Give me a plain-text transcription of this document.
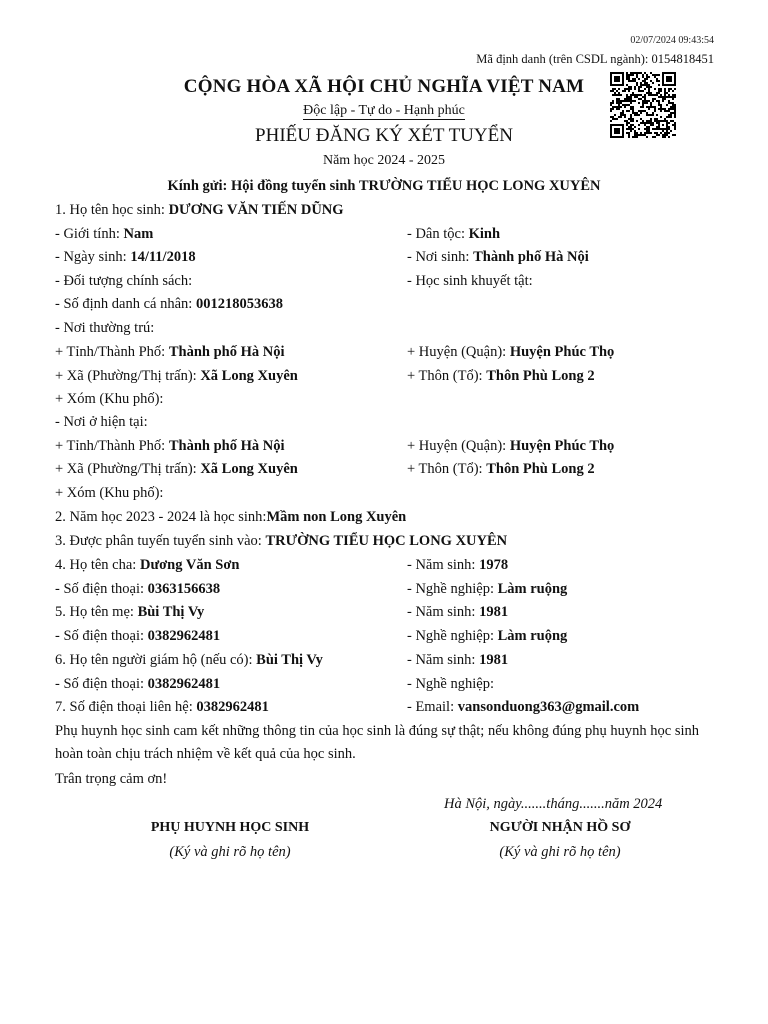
02/07/2024 09:43:54
Mã định danh (trên CSDL ngành): 0154818451
CỘNG HÒA XÃ HỘI CHỦ NGHĨA VIỆT NAM
Độc lập - Tự do - Hạnh phúc
PHIẾU ĐĂNG KÝ XÉT TUYỂN
Năm học 2024 - 2025
Kính gửi: Hội đồng tuyển sinh TRƯỜNG TIỂU HỌC LONG XUYÊN
1. Họ tên học sinh: DƯƠNG VĂN TIẾN DŨNG
- Giới tính: Nam	- Dân tộc: Kinh
- Ngày sinh: 14/11/2018	- Nơi sinh: Thành phố Hà Nội
- Đối tượng chính sách:	- Học sinh khuyết tật:
- Số định danh cá nhân: 001218053638
- Nơi thường trú:
+ Tỉnh/Thành Phố: Thành phố Hà Nội	+ Huyện (Quận): Huyện Phúc Thọ
+ Xã (Phường/Thị trấn): Xã Long Xuyên	+ Thôn (Tổ): Thôn Phù Long 2
+ Xóm (Khu phố):
- Nơi ở hiện tại:
+ Tỉnh/Thành Phố: Thành phố Hà Nội	+ Huyện (Quận): Huyện Phúc Thọ
+ Xã (Phường/Thị trấn): Xã Long Xuyên	+ Thôn (Tổ): Thôn Phù Long 2
+ Xóm (Khu phố):
2. Năm học 2023 - 2024 là học sinh:Mầm non Long Xuyên
3. Được phân tuyến tuyển sinh vào: TRƯỜNG TIỂU HỌC LONG XUYÊN
4. Họ tên cha: Dương Văn Sơn	- Năm sinh: 1978
- Số điện thoại: 0363156638	- Nghề nghiệp: Làm ruộng
5. Họ tên mẹ: Bùi Thị Vy	- Năm sinh: 1981
- Số điện thoại: 0382962481	- Nghề nghiệp: Làm ruộng
6. Họ tên người giám hộ (nếu có): Bùi Thị Vy	- Năm sinh: 1981
- Số điện thoại: 0382962481	- Nghề nghiệp:
7. Số điện thoại liên hệ: 0382962481	- Email: vansonduong363@gmail.com
Phụ huynh học sinh cam kết những thông tin của học sinh là đúng sự thật; nếu không đúng phụ huynh học sinh hoàn toàn chịu trách nhiệm về kết quả của học sinh.
Trân trọng cảm ơn!
Hà Nội, ngày.......tháng.......năm 2024
PHỤ HUYNH HỌC SINH
(Ký và ghi rõ họ tên)
NGƯỜI NHẬN HỒ SƠ
(Ký và ghi rõ họ tên)
